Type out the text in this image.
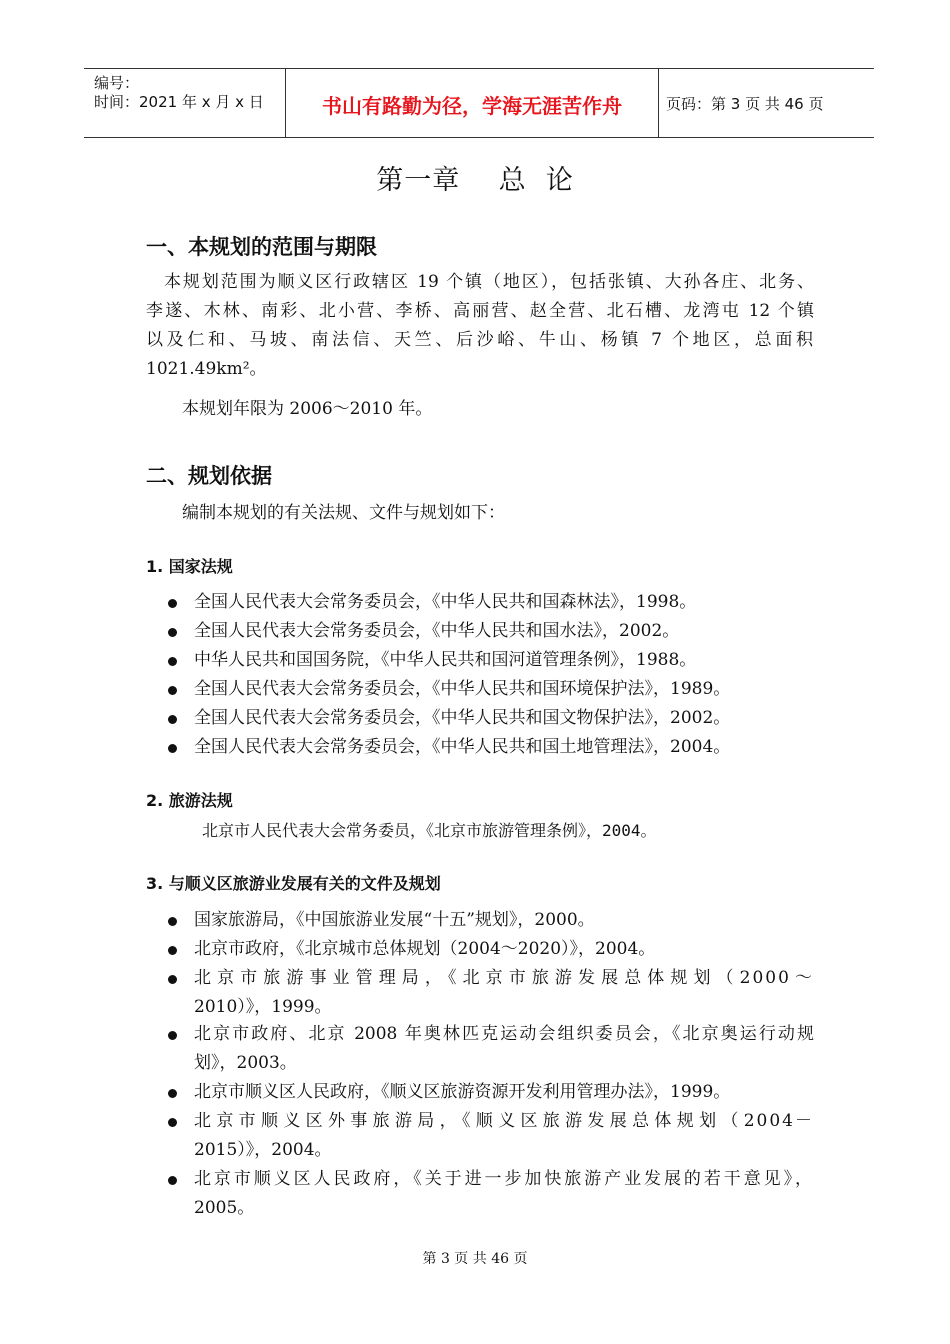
编号：
时间：2021 年 x 月 x 日	书山有路勤为径，学海无涯苦作舟	页码：第 3 页 共 46 页
第一章    总  论
一、本规划的范围与期限
本规划范围为顺义区行政辖区 19 个镇（地区），包括张镇、大孙各庄、北务、
李遂、木林、南彩、北小营、李桥、高丽营、赵全营、北石槽、龙湾屯 12 个镇
以及仁和、马坡、南法信、天竺、后沙峪、牛山、杨镇 7 个地区，总面积
1021.49km²。
本规划年限为 2006～2010 年。
二、规划依据
编制本规划的有关法规、文件与规划如下：
1. 国家法规
全国人民代表大会常务委员会，《中华人民共和国森林法》，1998。
全国人民代表大会常务委员会，《中华人民共和国水法》，2002。
中华人民共和国国务院，《中华人民共和国河道管理条例》，1988。
全国人民代表大会常务委员会，《中华人民共和国环境保护法》，1989。
全国人民代表大会常务委员会，《中华人民共和国文物保护法》，2002。
全国人民代表大会常务委员会，《中华人民共和国土地管理法》，2004。
2. 旅游法规
北京市人民代表大会常务委员，《北京市旅游管理条例》，2004。
3. 与顺义区旅游业发展有关的文件及规划
国家旅游局，《中国旅游业发展“十五”规划》，2000。
北京市政府，《北京城市总体规划（2004～2020）》，2004。
北京市旅游事业管理局，《北京市旅游发展总体规划（2000～
2010）》，1999。
北京市政府、北京 2008 年奥林匹克运动会组织委员会，《北京奥运行动规
划》，2003。
北京市顺义区人民政府，《顺义区旅游资源开发利用管理办法》，1999。
北京市顺义区外事旅游局，《顺义区旅游发展总体规划（2004－
2015）》，2004。
北京市顺义区人民政府，《关于进一步加快旅游产业发展的若干意见》，
2005。
第 3 页 共 46 页
